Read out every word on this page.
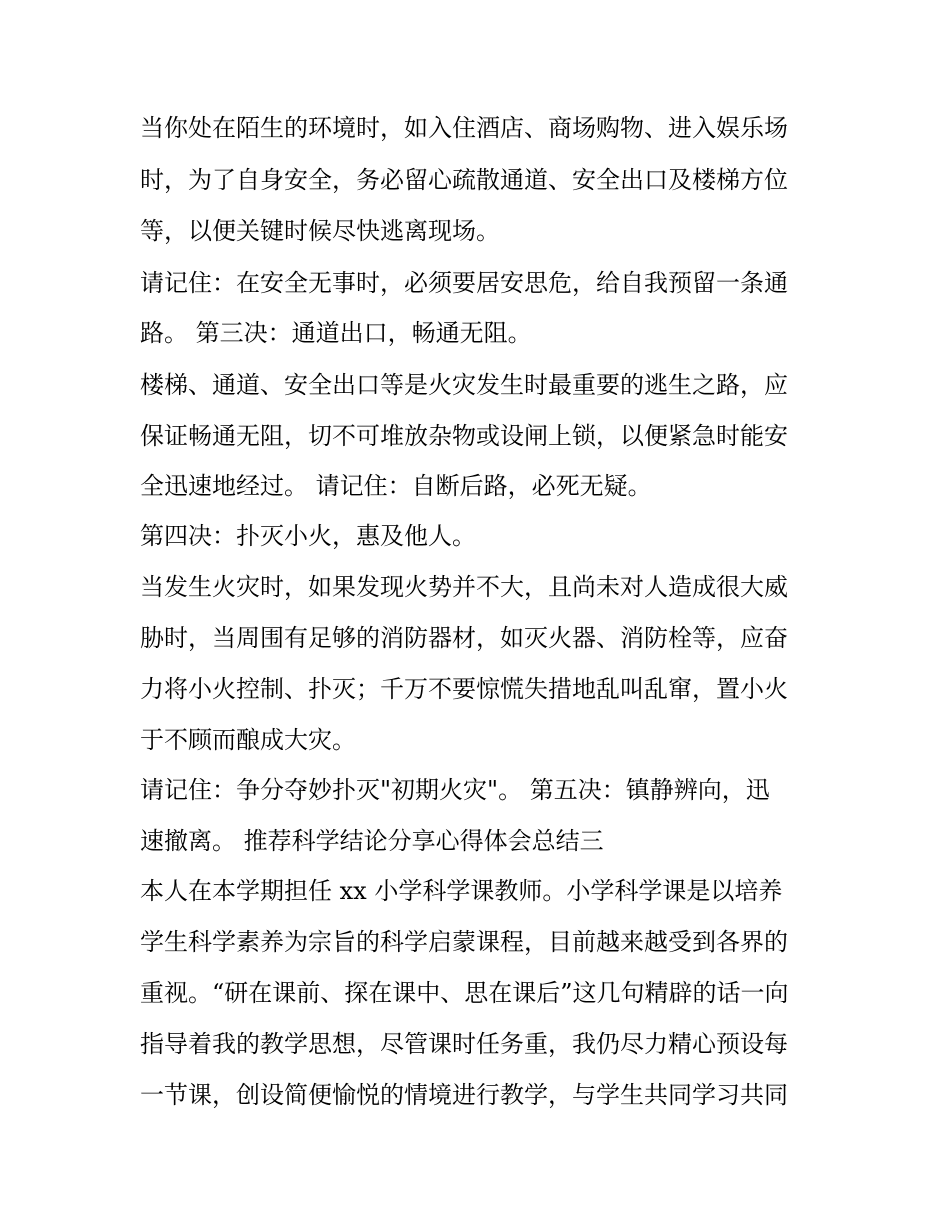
当你处在陌生的环境时，如入住酒店、商场购物、进入娱乐场

时，为了自身安全，务必留心疏散通道、安全出口及楼梯方位

等，以便关键时候尽快逃离现场。

请记住：在安全无事时，必须要居安思危，给自我预留一条通

路。 第三决：通道出口，畅通无阻。

楼梯、通道、安全出口等是火灾发生时最重要的逃生之路，应

保证畅通无阻，切不可堆放杂物或设闸上锁，以便紧急时能安

全迅速地经过。 请记住：自断后路，必死无疑。

第四决：扑灭小火，惠及他人。

当发生火灾时，如果发现火势并不大，且尚未对人造成很大威

胁时，当周围有足够的消防器材，如灭火器、消防栓等，应奋

力将小火控制、扑灭；千万不要惊慌失措地乱叫乱窜，置小火

于不顾而酿成大灾。

请记住：争分夺妙扑灭"初期火灾"。 第五决：镇静辨向，迅

速撤离。 推荐科学结论分享心得体会总结三

本人在本学期担任 xx 小学科学课教师。小学科学课是以培养

学生科学素养为宗旨的科学启蒙课程，目前越来越受到各界的

重视。“研在课前、探在课中、思在课后”这几句精辟的话一向

指导着我的教学思想，尽管课时任务重，我仍尽力精心预设每

一节课，创设简便愉悦的情境进行教学，与学生共同学习共同
